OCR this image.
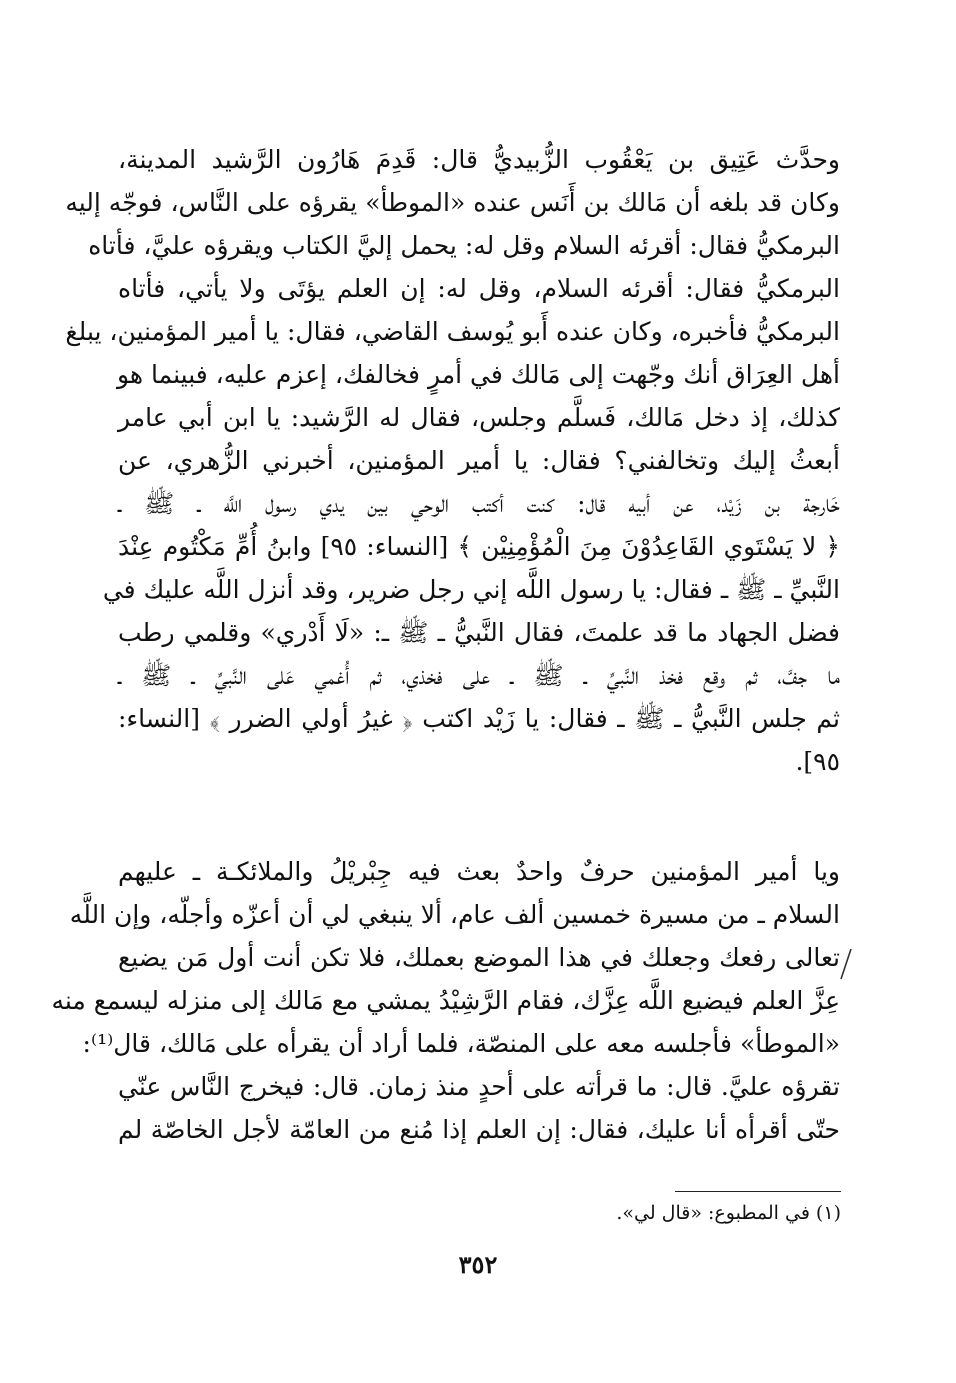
وحدَّث عَتِيق بن يَعْقُوب الزُّبيديُّ قال: قَدِمَ هَارُون الرَّشيد المدينة،
وكان قد بلغه أن مَالك بن أَنَس عنده «الموطأ» يقرؤه على النَّاس، فوجّه إليه
البرمكيُّ فقال: أقرئه السلام وقل له: يحمل إليَّ الكتاب ويقرؤه عليَّ، فأتاه
البرمكيُّ فقال: أقرئه السلام، وقل له: إن العلم يؤتَى ولا يأتي، فأتاه
البرمكيُّ فأخبره، وكان عنده أَبو يُوسف القاضي، فقال: يا أمير المؤمنين، يبلغ
أهل العِرَاق أنك وجّهت إلى مَالك في أمرٍ فخالفك، إعزم عليه، فبينما هو
كذلك، إذ دخل مَالك، فَسلَّم وجلس، فقال له الرَّشيد: يا ابن أبي عامر
أبعثُ إليك وتخالفني؟ فقال: يا أمير المؤمنين، أخبرني الزُّهري، عن
خَارجة بن زَيْد، عن أبيه قال: كنت أكتب الوحي بين يدي رسول اللَّه ـ ﷺ ـ
﴿ لا يَسْتَوي القَاعِدُوْنَ مِنَ الْمُؤْمِنِيْن ﴾ [النساء: ٩٥] وابنُ أُمِّ مَكْتُوم عِنْدَ
النَّبيِّ ـ ﷺ ـ فقال: يا رسول اللَّه إني رجل ضرير، وقد أنزل اللَّه عليك في
فضل الجهاد ما قد علمتَ، فقال النَّبيُّ ـ ﷺ ـ: «لَا أَدْري» وقلمي رطب
ما جفَّ، ثم وقع فخذ النَّبيِّ ـ ﷺ ـ على فخذي، ثم أُغمي عَلى النَّبيِّ ـ ﷺ ـ
ثم جلس النَّبيُّ ـ ﷺ ـ فقال: يا زَيْد اكتب ﴿ غيرُ أولي الضرر ﴾ [النساء:
٩٥].
ويا أمير المؤمنين حرفٌ واحدٌ بعث فيه جِبْريْلُ والملائكـة ـ عليهم
السلام ـ من مسيرة خمسين ألف عام، ألا ينبغي لي أن أعزّه وأجلّه، وإن اللَّه
تعالى رفعك وجعلك في هذا الموضع بعملك، فلا تكن أنت أول مَن يضيع
عِزَّ العلم فيضيع اللَّه عِزَّك، فقام الرَّشِيْدُ يمشي مع مَالك إلى منزله ليسمع منه
«الموطأ» فأجلسه معه على المنصّة، فلما أراد أن يقرأه على مَالك، قال⁽¹⁾:
تقرؤه عليَّ. قال: ما قرأته على أحدٍ منذ زمان. قال: فيخرج النَّاس عنّي
حتّى أقرأه أنا عليك، فقال: إن العلم إذا مُنع من العامّة لأجل الخاصّة لم
(١) في المطبوع: «قال لي».
٣٥٢
